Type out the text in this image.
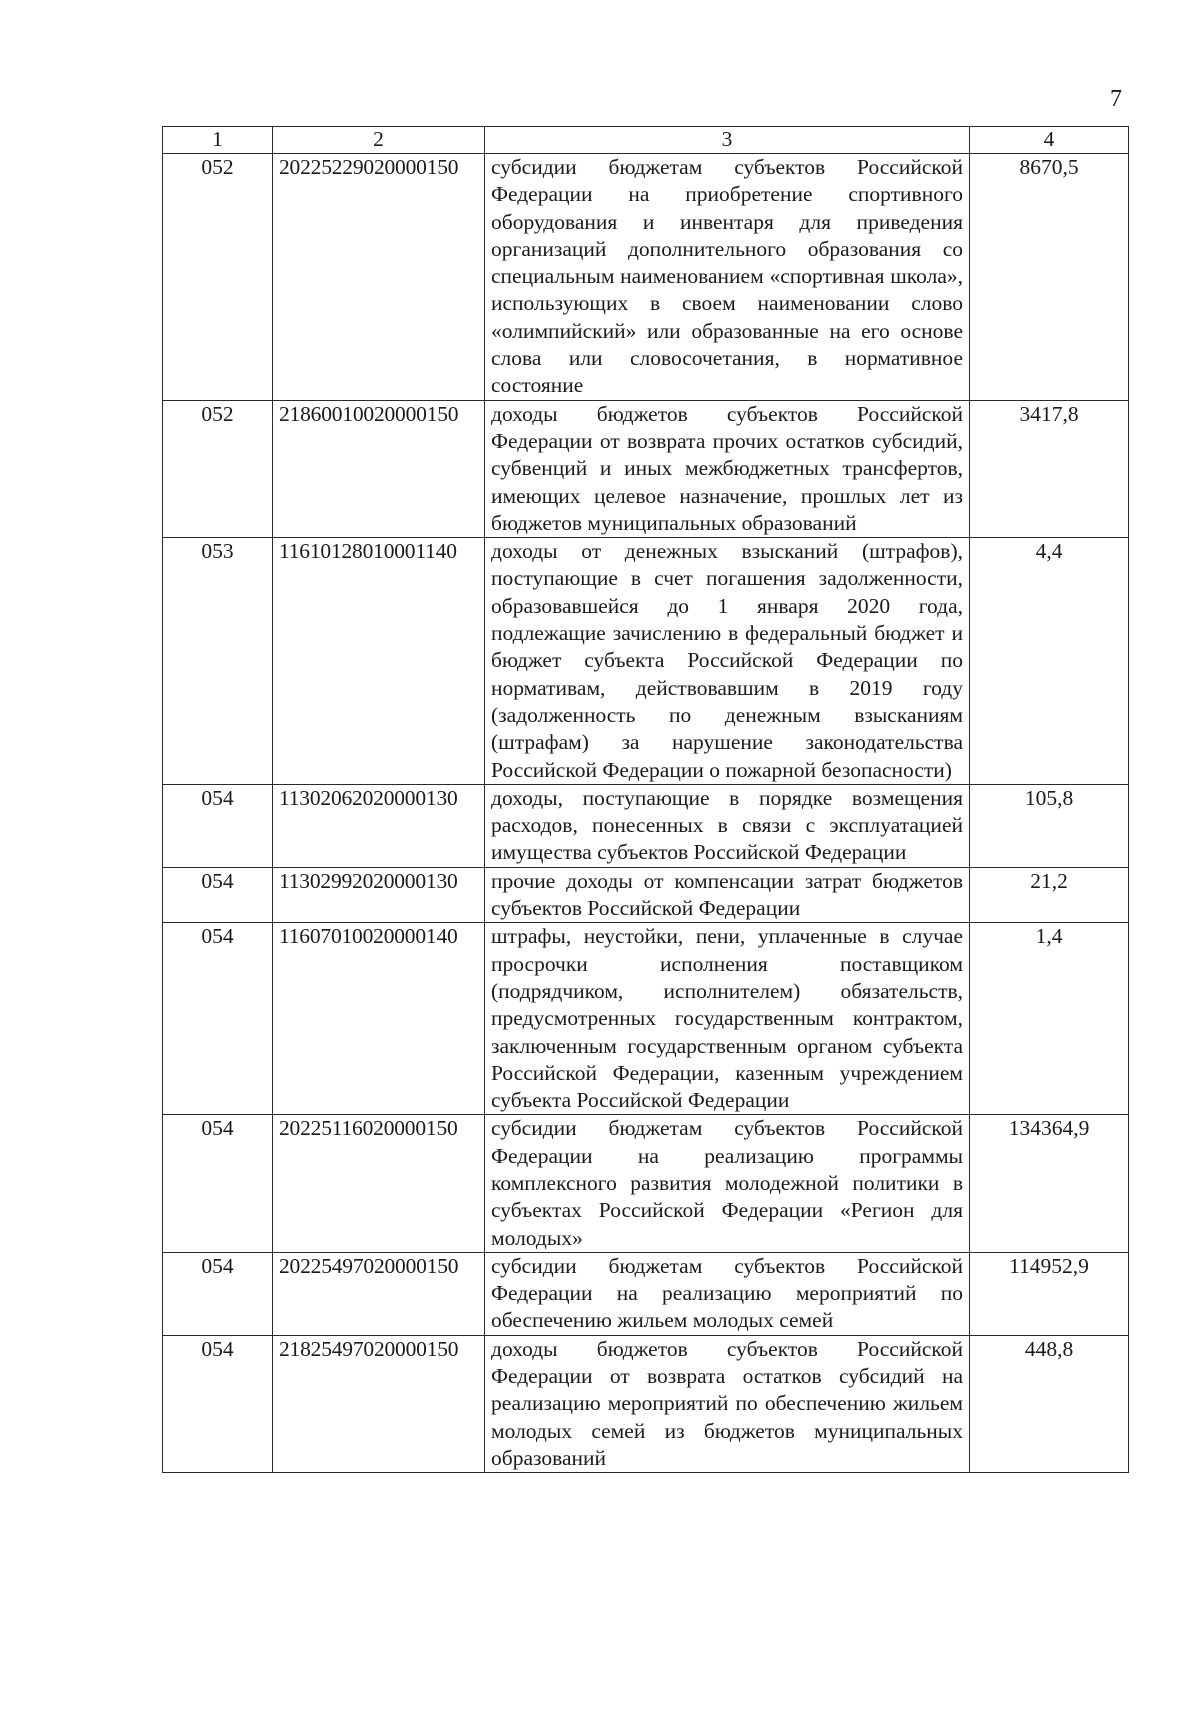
7
1	2	3	4
052	20225229020000150	субсидии бюджетам субъектов Российской Федерации на приобретение спортивного оборудования и инвентаря для приведения организаций дополнительного образования со специальным наименованием «спортивная школа», использующих в своем наименовании слово «олимпийский» или образованные на его основе слова или словосочетания, в нормативное состояние	8670,5
052	21860010020000150	доходы бюджетов субъектов Российской Федерации от возврата прочих остатков субсидий, субвенций и иных межбюджетных трансфертов, имеющих целевое назначение, прошлых лет из бюджетов муниципальных образований	3417,8
053	11610128010001140	доходы от денежных взысканий (штрафов), поступающие в счет погашения задолженности, образовавшейся до 1 января 2020 года, подлежащие зачислению в федеральный бюджет и бюджет субъекта Российской Федерации по нормативам, действовавшим в 2019 году (задолженность по денежным взысканиям (штрафам) за нарушение законодательства Российской Федерации о пожарной безопасности)	4,4
054	11302062020000130	доходы, поступающие в порядке возмещения расходов, понесенных в связи с эксплуатацией имущества субъектов Российской Федерации	105,8
054	11302992020000130	прочие доходы от компенсации затрат бюджетов субъектов Российской Федерации	21,2
054	11607010020000140	штрафы, неустойки, пени, уплаченные в случае просрочки исполнения поставщиком (подрядчиком, исполнителем) обязательств, предусмотренных государственным контрактом, заключенным государственным органом субъекта Российской Федерации, казенным учреждением субъекта Российской Федерации	1,4
054	20225116020000150	субсидии бюджетам субъектов Российской Федерации на реализацию программы комплексного развития молодежной политики в субъектах Российской Федерации «Регион для молодых»	134364,9
054	20225497020000150	субсидии бюджетам субъектов Российской Федерации на реализацию мероприятий по обеспечению жильем молодых семей	114952,9
054	21825497020000150	доходы бюджетов субъектов Российской Федерации от возврата остатков субсидий на реализацию мероприятий по обеспечению жильем молодых семей из бюджетов муниципальных образований	448,8
